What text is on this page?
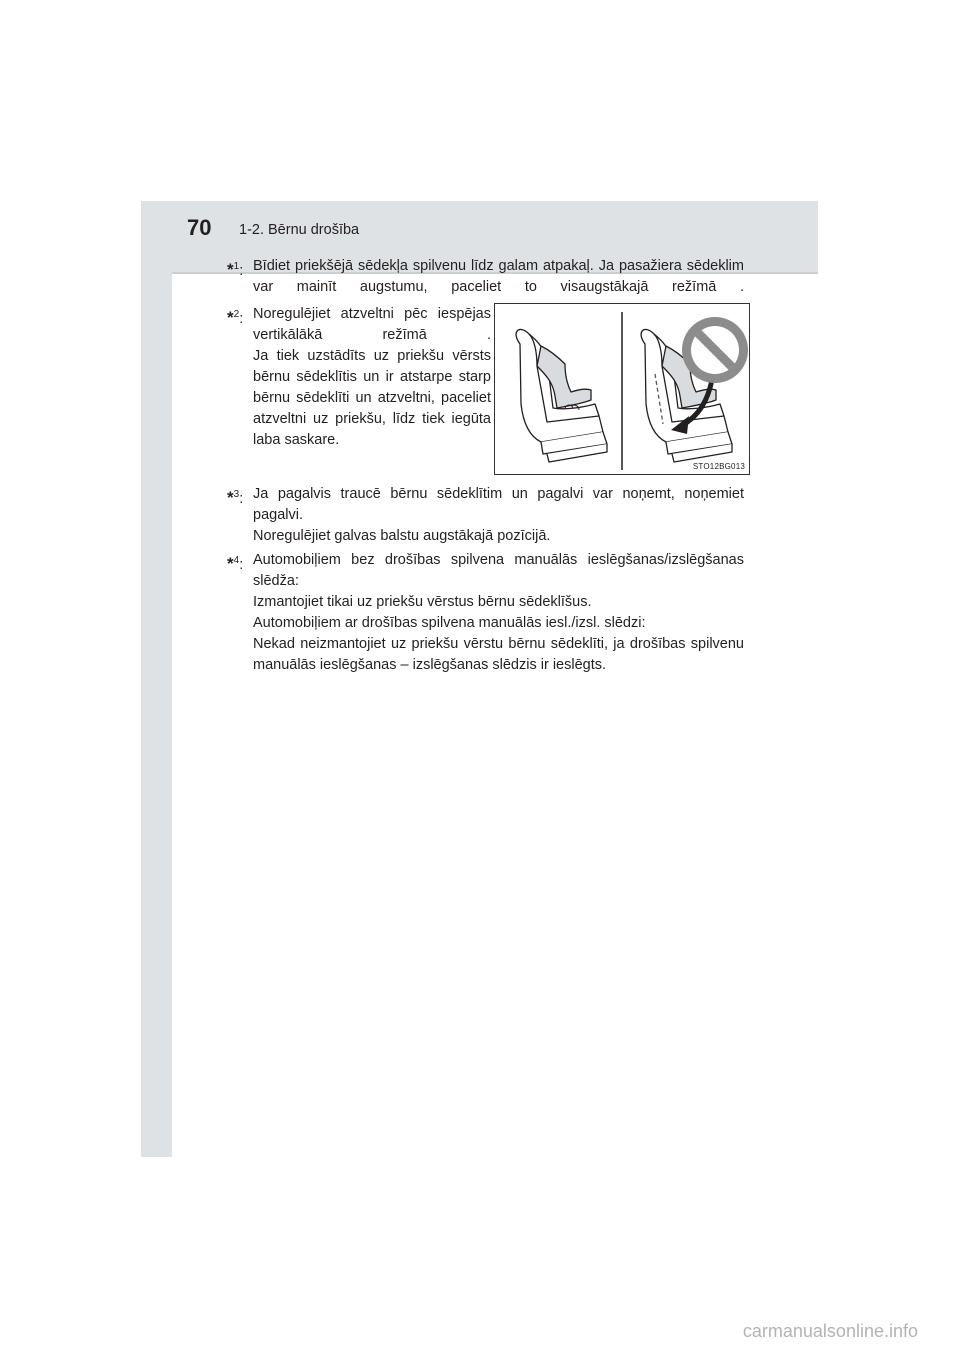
70 1-2. Bērnu drošība
*$^1$: Bīdiet priekšējā sēdekļa spilvenu līdz galam atpakaļ. Ja pasažiera sēdeklim var mainīt augstumu, paceliet to visaugstākajā režīmā .

*$^2$: Noregulējiet atzveltni pēc iespējas vertikālākā režīmā .

Ja tiek uzstādīts uz priekšu vērsts bērnu sēdeklītis un ir atstarpe starp bērnu sēdeklīti un atzveltni, paceliet atzveltni uz priekšu, līdz tiek iegūta laba saskare.

STO12BG013
*$^3$: Ja pagalvis traucē bērnu sēdeklītim un pagalvi var noņemt, noņemiet pagalvi.

Noregulējiet galvas balstu augstākajā pozīcijā.

*$^4$: Automobiļiem bez drošības spilvena manuālās ieslēgšanas/izslēgšanas slēdža:

Izmantojiet tikai uz priekšu vērstus bērnu sēdeklīšus.

Automobiļiem ar drošības spilvena manuālās iesl./izsl. slēdzi:

Nekad neizmantojiet uz priekšu vērstu bērnu sēdeklīti, ja drošības spilvenu manuālās ieslēgšanas – izslēgšanas slēdzis ir ieslēgts.

carmanualsonline.info
